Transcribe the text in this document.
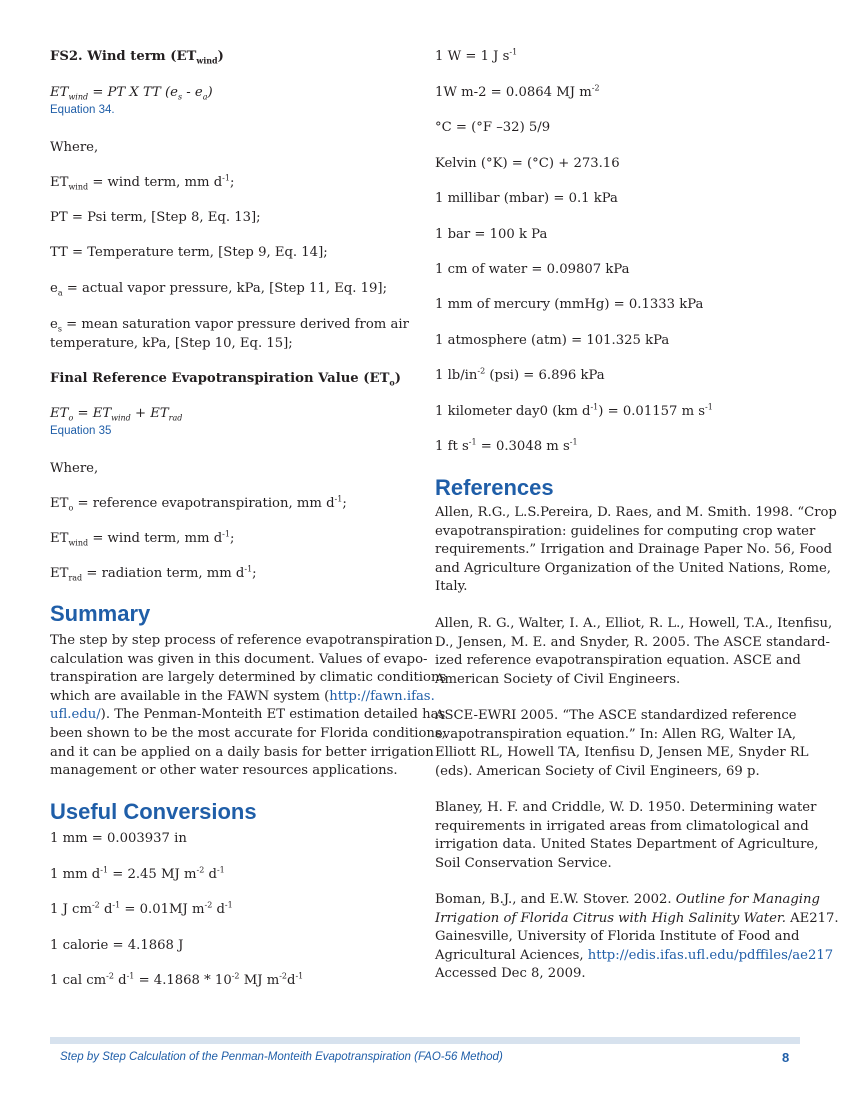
FS2. Wind term $(ET_{wind})$
$ET_{wind}$ = PT X TT $(e_s - e_a)$
Equation 34.
Where,
$ET_{wind}$ = wind term, mm $d^{-1}$;
PT = Psi term, [Step 8, Eq. 13];
TT = Temperature term, [Step 9, Eq. 14];
$e_a$ = actual vapor pressure, kPa, [Step 11, Eq. 19];
$e_s$ = mean saturation vapor pressure derived from air
temperature, kPa, [Step 10, Eq. 15];
Final Reference Evapotranspiration Value $(ET_o)$
$ET_o = ET_{wind} + ET_{rad}$
Equation 35
Where,
$ET_o$ = reference evapotranspiration, mm $d^{-1}$;
$ET_{wind}$ = wind term, mm $d^{-1}$;
$ET_{rad}$ = radiation term, mm $d^{-1}$;
Summary
The step by step process of reference evapotranspiration
calculation was given in this document. Values of evapo-
transpiration are largely determined by climatic conditions
which are available in the FAWN system (http://fawn.ifas.
ufl.edu/). The Penman-Monteith ET estimation detailed has
been shown to be the most accurate for Florida conditions,
and it can be applied on a daily basis for better irrigation
management or other water resources applications.
Useful Conversions
1 mm = 0.003937 in
1 mm $d^{-1} = 2.45$ MJ $m^{-2}$ $d^{-1}$
1 J $cm^{-2}$ $d^{-1} = 0.01MJ$ $m^{-2}$ $d^{-1}$
1 calorie = 4.1868 J
1 cal $cm^{-2}$ $d^{-1} = 4.1868 * 10^{-2}$ MJ $m^{-2}d^{-1}$
1 W = 1 J $s^{-1}$
1W m-2 = 0.0864 MJ $m^{-2}$
°C = (°F –32) 5/9
Kelvin (°K) = (°C) + 273.16
1 millibar (mbar) = 0.1 kPa
1 bar = 100 k Pa
1 cm of water = 0.09807 kPa
1 mm of mercury (mmHg) = 0.1333 kPa
1 atmosphere (atm) = 101.325 kPa
1 $lb/in^{-2}$ (psi) = 6.896 kPa
1 kilometer day0 (km $d^{-1}) = 0.01157$ m $s^{-1}$
1 ft $s^{-1} = 0.3048$ m $s^{-1}$
References
Allen, R.G., L.S.Pereira, D. Raes, and M. Smith. 1998. “Crop
evapotranspiration: guidelines for computing crop water
requirements.” Irrigation and Drainage Paper No. 56, Food
and Agriculture Organization of the United Nations, Rome,
Italy.
Allen, R. G., Walter, I. A., Elliot, R. L., Howell, T.A., Itenfisu,
D., Jensen, M. E. and Snyder, R. 2005. The ASCE standard-
ized reference evapotranspiration equation. ASCE and
American Society of Civil Engineers.
ASCE-EWRI 2005. “The ASCE standardized reference
evapotranspiration equation.” In: Allen RG, Walter IA,
Elliott RL, Howell TA, Itenfisu D, Jensen ME, Snyder RL
(eds). American Society of Civil Engineers, 69 p.
Blaney, H. F. and Criddle, W. D. 1950. Determining water
requirements in irrigated areas from climatological and
irrigation data. United States Department of Agriculture,
Soil Conservation Service.
Boman, B.J., and E.W. Stover. 2002. Outline for Managing
Irrigation of Florida Citrus with High Salinity Water. AE217.
Gainesville, University of Florida Institute of Food and
Agricultural Aciences, http://edis.ifas.ufl.edu/pdffiles/ae217
Accessed Dec 8, 2009.
Step by Step Calculation of the Penman-Monteith Evapotranspiration (FAO-56 Method)	8
